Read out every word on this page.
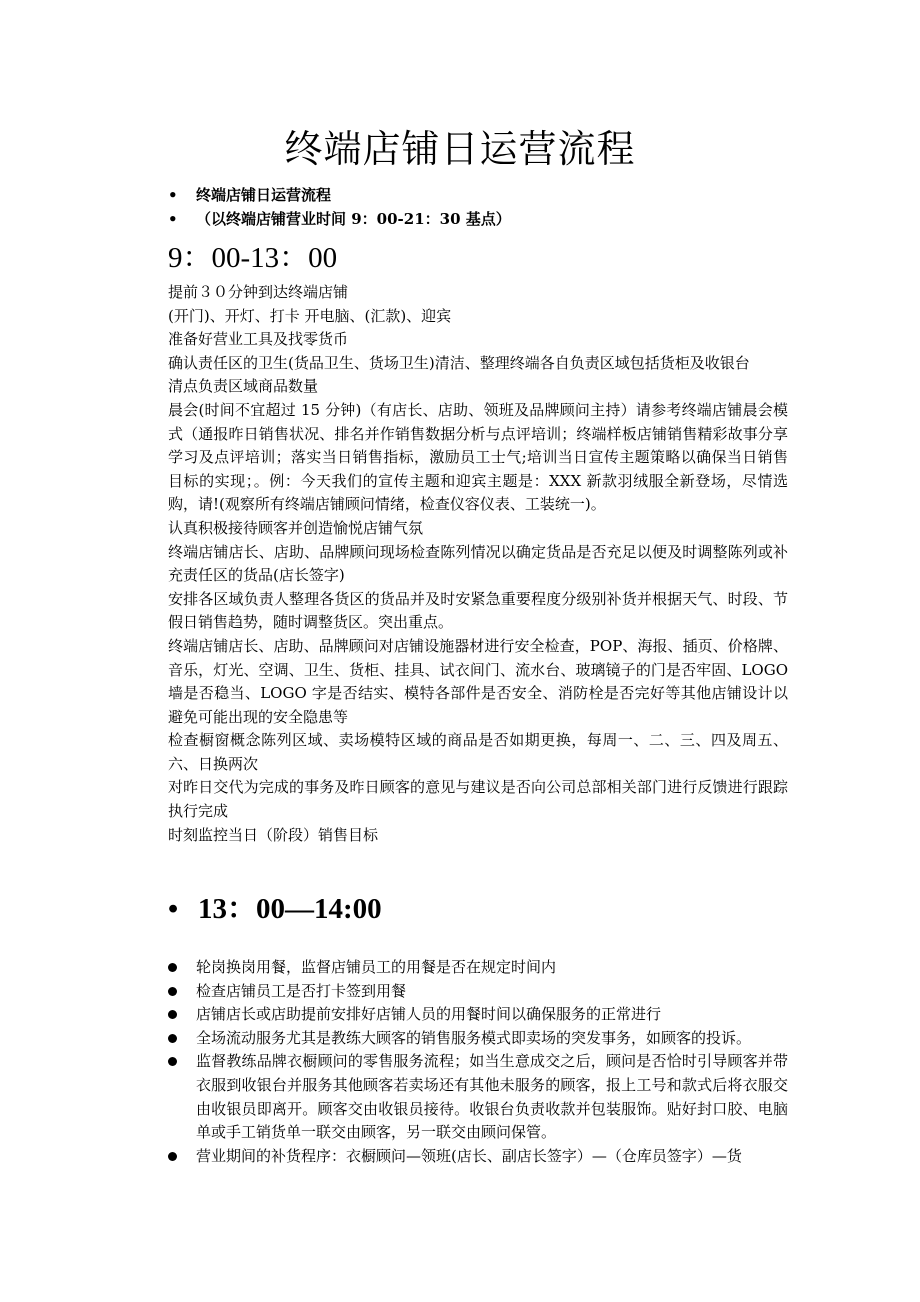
终端店铺日运营流程
• 终端店铺日运营流程
• （以终端店铺营业时间 9：00-21：30 基点）
9：00-13：00

提前３０分钟到达终端店铺

(开门)、开灯、打卡 开电脑、(汇款)、迎宾

准备好营业工具及找零货币

确认责任区的卫生(货品卫生、货场卫生)清洁、整理终端各自负责区域包括货柜及收银台

清点负责区域商品数量

晨会(时间不宜超过 15 分钟)（有店长、店助、领班及品牌顾问主持）请参考终端店铺晨会模式（通报昨日销售状况、排名并作销售数据分析与点评培训；终端样板店铺销售精彩故事分享学习及点评培训；落实当日销售指标，激励员工士气;培训当日宣传主题策略以确保当日销售目标的实现；。例：今天我们的宣传主题和迎宾主题是：XXX 新款羽绒服全新登场，尽情选购，请!(观察所有终端店铺顾问情绪，检查仪容仪表、工装统一)。

认真积极接待顾客并创造愉悦店铺气氛

终端店铺店长、店助、品牌顾问现场检查陈列情况以确定货品是否充足以便及时调整陈列或补充责任区的货品(店长签字)

安排各区域负责人整理各货区的货品并及时安紧急重要程度分级别补货并根据天气、时段、节假日销售趋势，随时调整货区。突出重点。

终端店铺店长、店助、品牌顾问对店铺设施器材进行安全检查，POP、海报、插页、价格牌、音乐，灯光、空调、卫生、货柜、挂具、试衣间门、流水台、玻璃镜子的门是否牢固、LOGO 墙是否稳当、LOGO 字是否结实、模特各部件是否安全、消防栓是否完好等其他店铺设计以避免可能出现的安全隐患等

检查橱窗概念陈列区域、卖场模特区域的商品是否如期更换，每周一、二、三、四及周五、六、日换两次

对昨日交代为完成的事务及昨日顾客的意见与建议是否向公司总部相关部门进行反馈进行跟踪执行完成

时刻监控当日（阶段）销售目标

• 13：00—14:00
轮岗换岗用餐，监督店铺员工的用餐是否在规定时间内
检查店铺员工是否打卡签到用餐
店铺店长或店助提前安排好店铺人员的用餐时间以确保服务的正常进行
全场流动服务尤其是教练大顾客的销售服务模式即卖场的突发事务，如顾客的投诉。
监督教练品牌衣橱顾问的零售服务流程；如当生意成交之后，顾问是否恰时引导顾客并带衣服到收银台并服务其他顾客若卖场还有其他未服务的顾客，报上工号和款式后将衣服交由收银员即离开。顾客交由收银员接待。收银台负责收款并包装服饰。贴好封口胶、电脑单或手工销货单一联交由顾客，另一联交由顾问保管。
营业期间的补货程序：衣橱顾问—领班(店长、副店长签字）—（仓库员签字）—货
